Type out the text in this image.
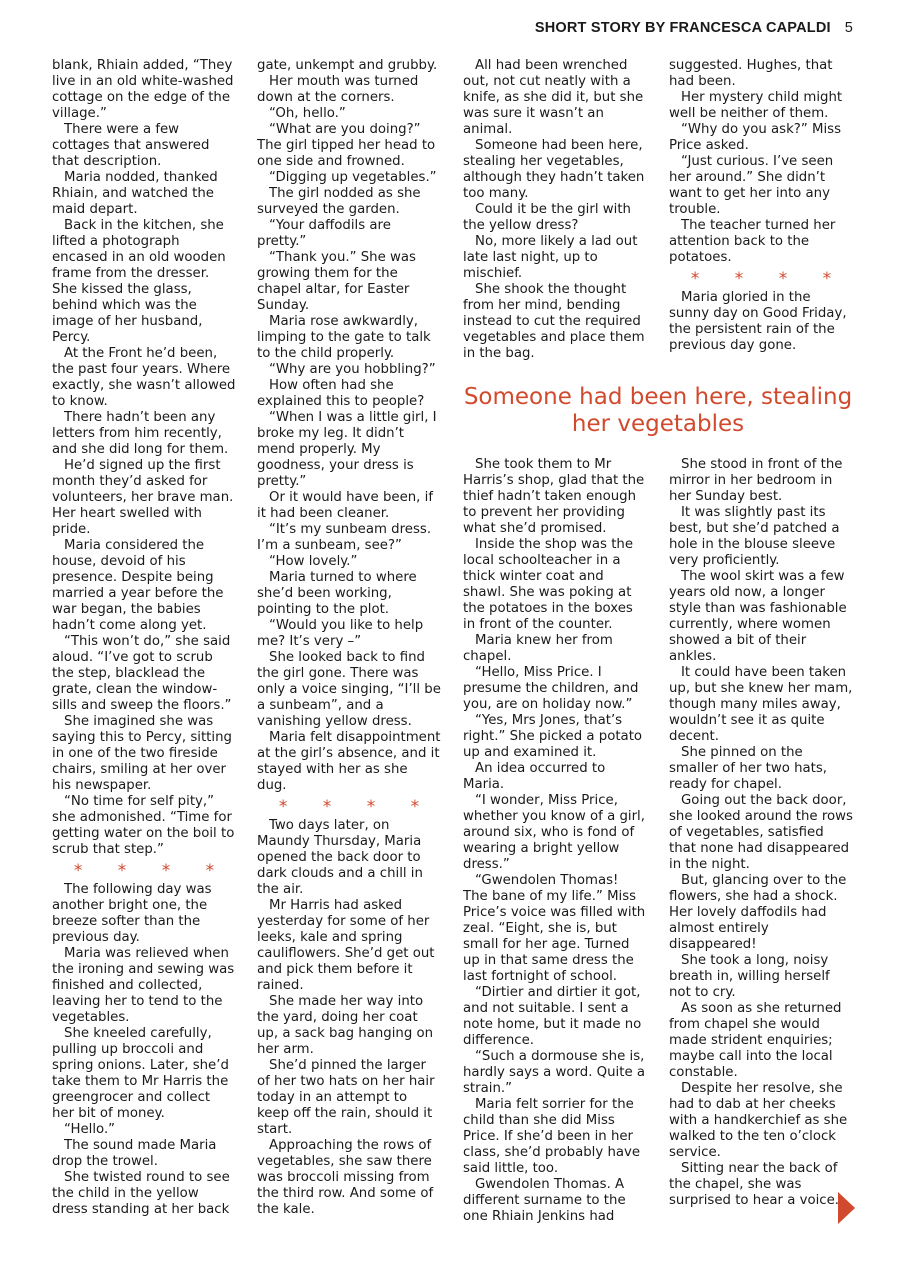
SHORT STORY BY FRANCESCA CAPALDI 5

blank, Rhiain added, “They live in an old white-washed cottage on the edge of the village.”

There were a few cottages that answered that description.

Maria nodded, thanked Rhiain, and watched the maid depart.

Back in the kitchen, she lifted a photograph encased in an old wooden frame from the dresser. She kissed the glass, behind which was the image of her husband, Percy.

At the Front he’d been, the past four years. Where exactly, she wasn’t allowed to know.

There hadn’t been any letters from him recently, and she did long for them.

He’d signed up the first month they’d asked for volunteers, her brave man. Her heart swelled with pride.

Maria considered the house, devoid of his presence. Despite being married a year before the war began, the babies hadn’t come along yet.

“This won’t do,” she said aloud. “I’ve got to scrub the step, blacklead the grate, clean the window-sills and sweep the floors.”

She imagined she was saying this to Percy, sitting in one of the two fireside chairs, smiling at her over his newspaper.

“No time for self pity,” she admonished. “Time for getting water on the boil to scrub that step.”

* * * *

The following day was another bright one, the breeze softer than the previous day.

Maria was relieved when the ironing and sewing was finished and collected, leaving her to tend to the vegetables.

She kneeled carefully, pulling up broccoli and spring onions. Later, she’d take them to Mr Harris the greengrocer and collect her bit of money.

“Hello.”

The sound made Maria drop the trowel.

She twisted round to see the child in the yellow dress standing at her back

gate, unkempt and grubby.

Her mouth was turned down at the corners.

“Oh, hello.”

“What are you doing?” The girl tipped her head to one side and frowned.

“Digging up vegetables.”

The girl nodded as she surveyed the garden.

“Your daffodils are pretty.”

“Thank you.” She was growing them for the chapel altar, for Easter Sunday.

Maria rose awkwardly, limping to the gate to talk to the child properly.

“Why are you hobbling?”

How often had she explained this to people?

“When I was a little girl, I broke my leg. It didn’t mend properly. My goodness, your dress is pretty.”

Or it would have been, if it had been cleaner.

“It’s my sunbeam dress. I’m a sunbeam, see?”

“How lovely.”

Maria turned to where she’d been working, pointing to the plot.

“Would you like to help me? It’s very –”

She looked back to find the girl gone. There was only a voice singing, “I’ll be a sunbeam”, and a vanishing yellow dress.

Maria felt disappointment at the girl’s absence, and it stayed with her as she dug.

* * * *

Two days later, on Maundy Thursday, Maria opened the back door to dark clouds and a chill in the air.

Mr Harris had asked yesterday for some of her leeks, kale and spring cauliflowers. She’d get out and pick them before it rained.

She made her way into the yard, doing her coat up, a sack bag hanging on her arm.

She’d pinned the larger of her two hats on her hair today in an attempt to keep off the rain, should it start.

Approaching the rows of vegetables, she saw there was broccoli missing from the third row. And some of the kale.

All had been wrenched out, not cut neatly with a knife, as she did it, but she was sure it wasn’t an animal.

Someone had been here, stealing her vegetables, although they hadn’t taken too many.

Could it be the girl with the yellow dress?

No, more likely a lad out late last night, up to mischief.

She shook the thought from her mind, bending instead to cut the required vegetables and place them in the bag.

suggested. Hughes, that had been.

Her mystery child might well be neither of them.

“Why do you ask?” Miss Price asked.

“Just curious. I’ve seen her around.” She didn’t want to get her into any trouble.

The teacher turned her attention back to the potatoes.

* * * *

Maria gloried in the sunny day on Good Friday, the persistent rain of the previous day gone.

Someone had been here, stealing her vegetables

She took them to Mr Harris’s shop, glad that the thief hadn’t taken enough to prevent her providing what she’d promised.

Inside the shop was the local schoolteacher in a thick winter coat and shawl. She was poking at the potatoes in the boxes in front of the counter.

Maria knew her from chapel.

“Hello, Miss Price. I presume the children, and you, are on holiday now.”

“Yes, Mrs Jones, that’s right.” She picked a potato up and examined it.

An idea occurred to Maria.

“I wonder, Miss Price, whether you know of a girl, around six, who is fond of wearing a bright yellow dress.”

“Gwendolen Thomas! The bane of my life.” Miss Price’s voice was filled with zeal. “Eight, she is, but small for her age. Turned up in that same dress the last fortnight of school.

“Dirtier and dirtier it got, and not suitable. I sent a note home, but it made no difference.

“Such a dormouse she is, hardly says a word. Quite a strain.”

Maria felt sorrier for the child than she did Miss Price. If she’d been in her class, she’d probably have said little, too.

Gwendolen Thomas. A different surname to the one Rhiain Jenkins had

She stood in front of the mirror in her bedroom in her Sunday best.

It was slightly past its best, but she’d patched a hole in the blouse sleeve very proficiently.

The wool skirt was a few years old now, a longer style than was fashionable currently, where women showed a bit of their ankles.

It could have been taken up, but she knew her mam, though many miles away, wouldn’t see it as quite decent.

She pinned on the smaller of her two hats, ready for chapel.

Going out the back door, she looked around the rows of vegetables, satisfied that none had disappeared in the night.

But, glancing over to the flowers, she had a shock. Her lovely daffodils had almost entirely disappeared!

She took a long, noisy breath in, willing herself not to cry.

As soon as she returned from chapel she would made strident enquiries; maybe call into the local constable.

Despite her resolve, she had to dab at her cheeks with a handkerchief as she walked to the ten o’clock service.

Sitting near the back of the chapel, she was surprised to hear a voice.
